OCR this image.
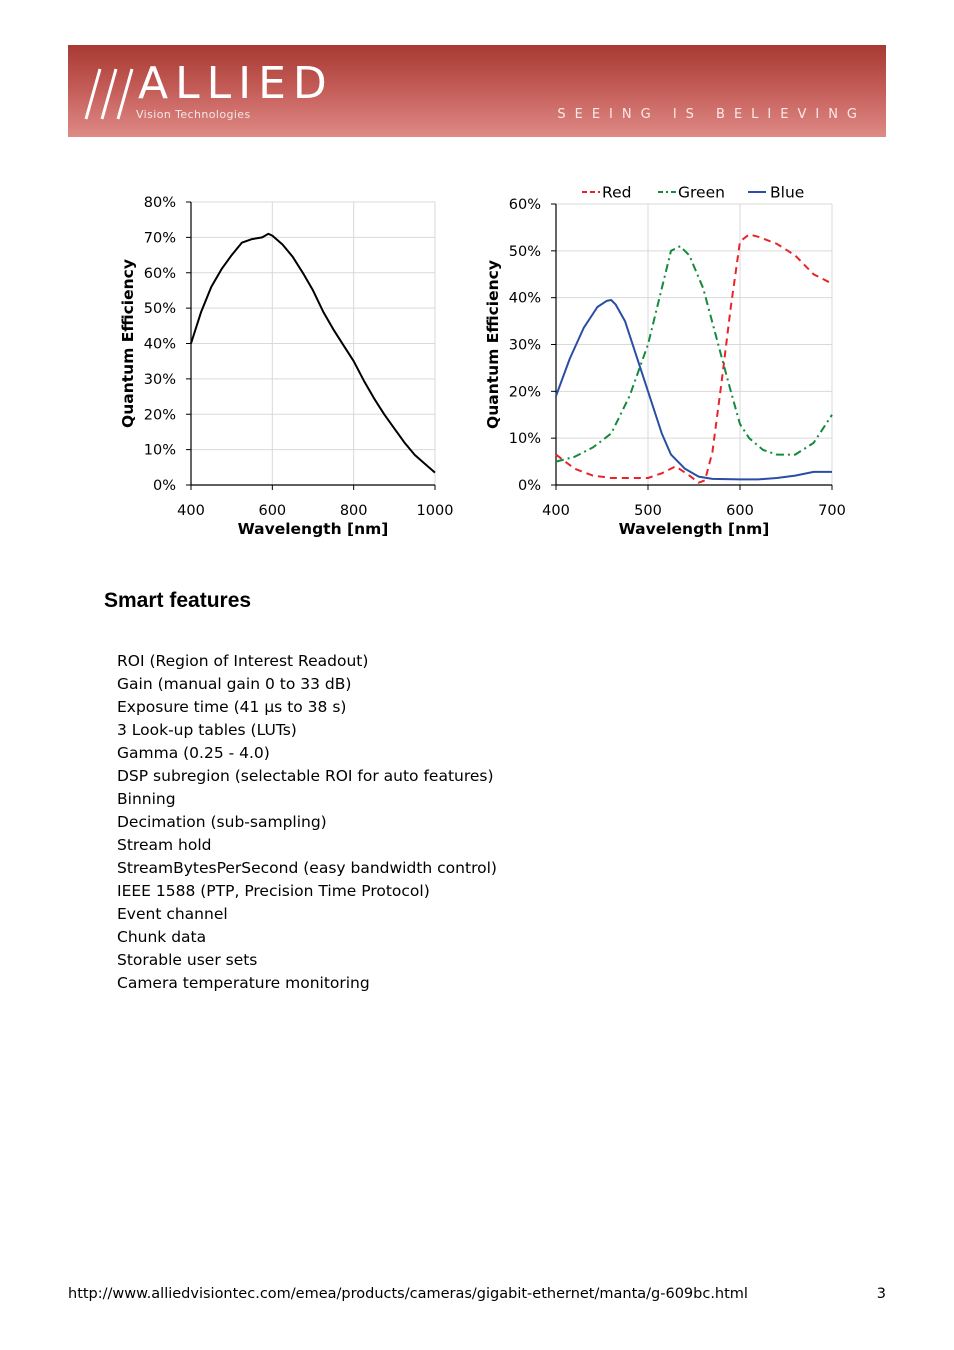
ALLIED
Vision Technologies	SEEING IS BELIEVING
0%
10%
20%
30%
40%
50%
60%
70%
80%
400	600	800	1000
Wavelength [nm]
Quantum Efficiency
0%
10%
20%
30%
40%
50%
60%
400	500	600	700
Wavelength [nm]
Quantum Efficiency
Red	Green	Blue
Smart features
ROI (Region of Interest Readout)
Gain (manual gain 0 to 33 dB)
Exposure time (41 µs to 38 s)
3 Look-up tables (LUTs)
Gamma (0.25 - 4.0)
DSP subregion (selectable ROI for auto features)
Binning
Decimation (sub-sampling)
Stream hold
StreamBytesPerSecond (easy bandwidth control)
IEEE 1588 (PTP, Precision Time Protocol)
Event channel
Chunk data
Storable user sets
Camera temperature monitoring
http://www.alliedvisiontec.com/emea/products/cameras/gigabit-ethernet/manta/g-609bc.html	3
